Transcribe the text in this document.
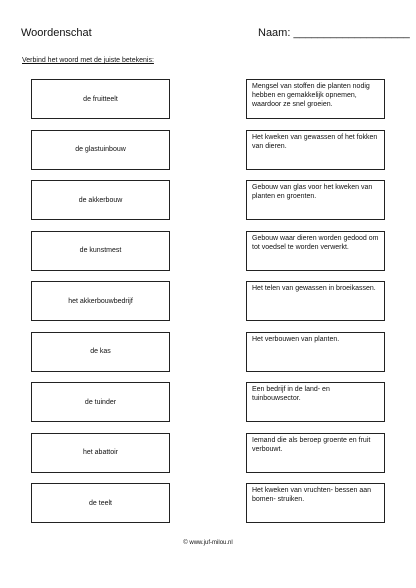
Woordenschat	Naam: ___________________
Verbind het woord met de juiste betekenis:
de fruitteelt
de glastuinbouw
de akkerbouw
de kunstmest
het akkerbouwbedrijf
de kas
de tuinder
het abattoir
de teelt
Mengsel van stoffen die planten nodig hebben en gemakkelijk opnemen, waardoor ze snel groeien.
Het kweken van gewassen of het fokken van dieren.
Gebouw van glas voor het kweken van planten en groenten.
Gebouw waar dieren worden gedood om tot voedsel te worden verwerkt.
Het telen van gewassen in broeikassen.
Het verbouwen van planten.
Een bedrijf in de land- en tuinbouwsector.
Iemand die als beroep groente en fruit verbouwt.
Het kweken van vruchten- bessen aan bomen- struiken.
© www.juf-milou.nl
